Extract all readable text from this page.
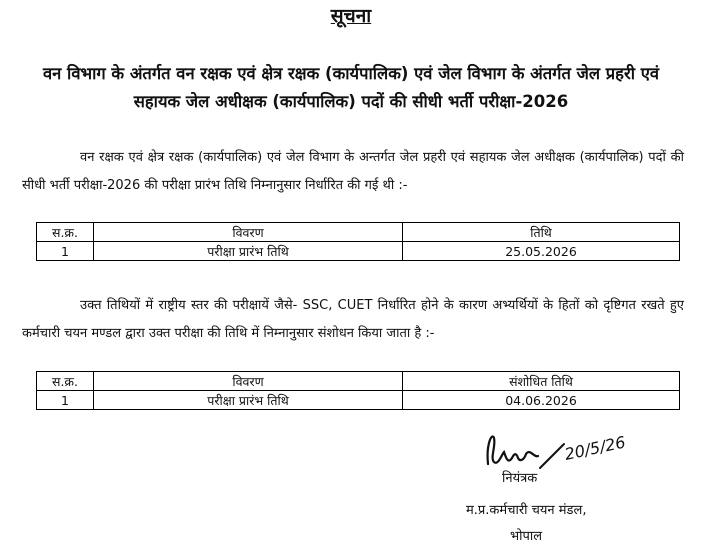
सूचना
वन विभाग के अंतर्गत वन रक्षक एवं क्षेत्र रक्षक (कार्यपालिक) एवं जेल विभाग के अंतर्गत जेल प्रहरी एवं सहायक जेल अधीक्षक (कार्यपालिक) पदों की सीधी भर्ती परीक्षा-2026
वन रक्षक एवं क्षेत्र रक्षक (कार्यपालिक) एवं जेल विभाग के अन्तर्गत जेल प्रहरी एवं सहायक जेल अधीक्षक (कार्यपालिक) पदों की सीधी भर्ती परीक्षा-2026 की परीक्षा प्रारंभ तिथि निम्नानुसार निर्धारित की गई थी :-
स.क्र.	विवरण	तिथि
1	परीक्षा प्रारंभ तिथि	25.05.2026
उक्त तिथियों में राष्ट्रीय स्तर की परीक्षायें जैसे- SSC, CUET निर्धारित होने के कारण अभ्यर्थियों के हितों को दृष्टिगत रखते हुए कर्मचारी चयन मण्डल द्वारा उक्त परीक्षा की तिथि में निम्नानुसार संशोधन किया जाता है :-
स.क्र.	विवरण	संशोधित तिथि
1	परीक्षा प्रारंभ तिथि	04.06.2026
20/5/26
नियंत्रक
म.प्र.कर्मचारी चयन मंडल,
भोपाल
